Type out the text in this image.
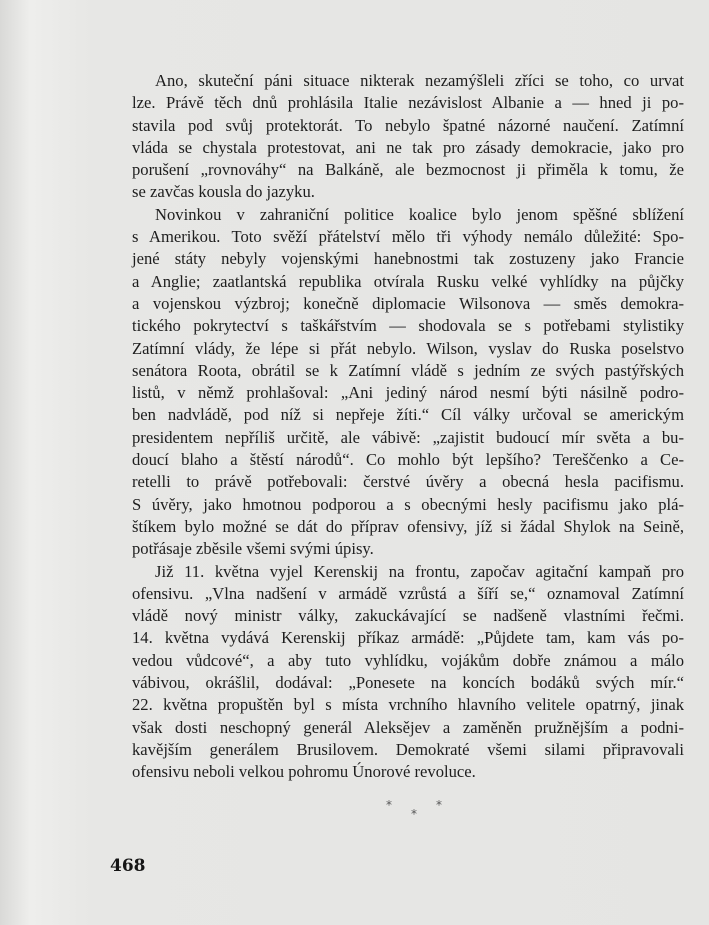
Ano, skuteční páni situace nikterak nezamýšleli zříci se toho, co urvat
lze. Právě těch dnů prohlásila Italie nezávislost Albanie a — hned ji po-
stavila pod svůj protektorát. To nebylo špatné názorné naučení. Zatímní
vláda se chystala protestovat, ani ne tak pro zásady demokracie, jako pro
porušení „rovnováhy“ na Balkáně, ale bezmocnost ji přiměla k tomu, že
se zavčas kousla do jazyku.
Novinkou v zahraniční politice koalice bylo jenom spěšné sblížení
s Amerikou. Toto svěží přátelství mělo tři výhody nemálo důležité: Spo-
jené státy nebyly vojenskými hanebnostmi tak zostuzeny jako Francie
a Anglie; zaatlantská republika otvírala Rusku velké vyhlídky na půjčky
a vojenskou výzbroj; konečně diplomacie Wilsonova — směs demokra-
tického pokrytectví s taškářstvím — shodovala se s potřebami stylistiky
Zatímní vlády, že lépe si přát nebylo. Wilson, vyslav do Ruska poselstvo
senátora Roota, obrátil se k Zatímní vládě s jedním ze svých pastýřských
listů, v němž prohlašoval: „Ani jediný národ nesmí býti násilně podro-
ben nadvládě, pod níž si nepřeje žíti.“ Cíl války určoval se americkým
presidentem nepříliš určitě, ale vábivě: „zajistit budoucí mír světa a bu-
doucí blaho a štěstí národů“. Co mohlo být lepšího? Tereščenko a Ce-
retelli to právě potřebovali: čerstvé úvěry a obecná hesla pacifismu.
S úvěry, jako hmotnou podporou a s obecnými hesly pacifismu jako plá-
štíkem bylo možné se dát do příprav ofensivy, jíž si žádal Shylok na Seině,
potřásaje zběsile všemi svými úpisy.
Již 11. května vyjel Kerenskij na frontu, započav agitační kampaň pro
ofensivu. „Vlna nadšení v armádě vzrůstá a šíří se,“ oznamoval Zatímní
vládě nový ministr války, zakuckávající se nadšeně vlastními řečmi.
14. května vydává Kerenskij příkaz armádě: „Půjdete tam, kam vás po-
vedou vůdcové“, a aby tuto vyhlídku, vojákům dobře známou a málo
vábivou, okrášlil, dodával: „Ponesete na koncích bodáků svých mír.“
22. května propuštěn byl s místa vrchního hlavního velitele opatrný, jinak
však dosti neschopný generál Aleksějev a zaměněn pružnějším a podni-
kavějším generálem Brusilovem. Demokraté všemi silami připravovali
ofensivu neboli velkou pohromu Únorové revoluce.
*
*
*
468
